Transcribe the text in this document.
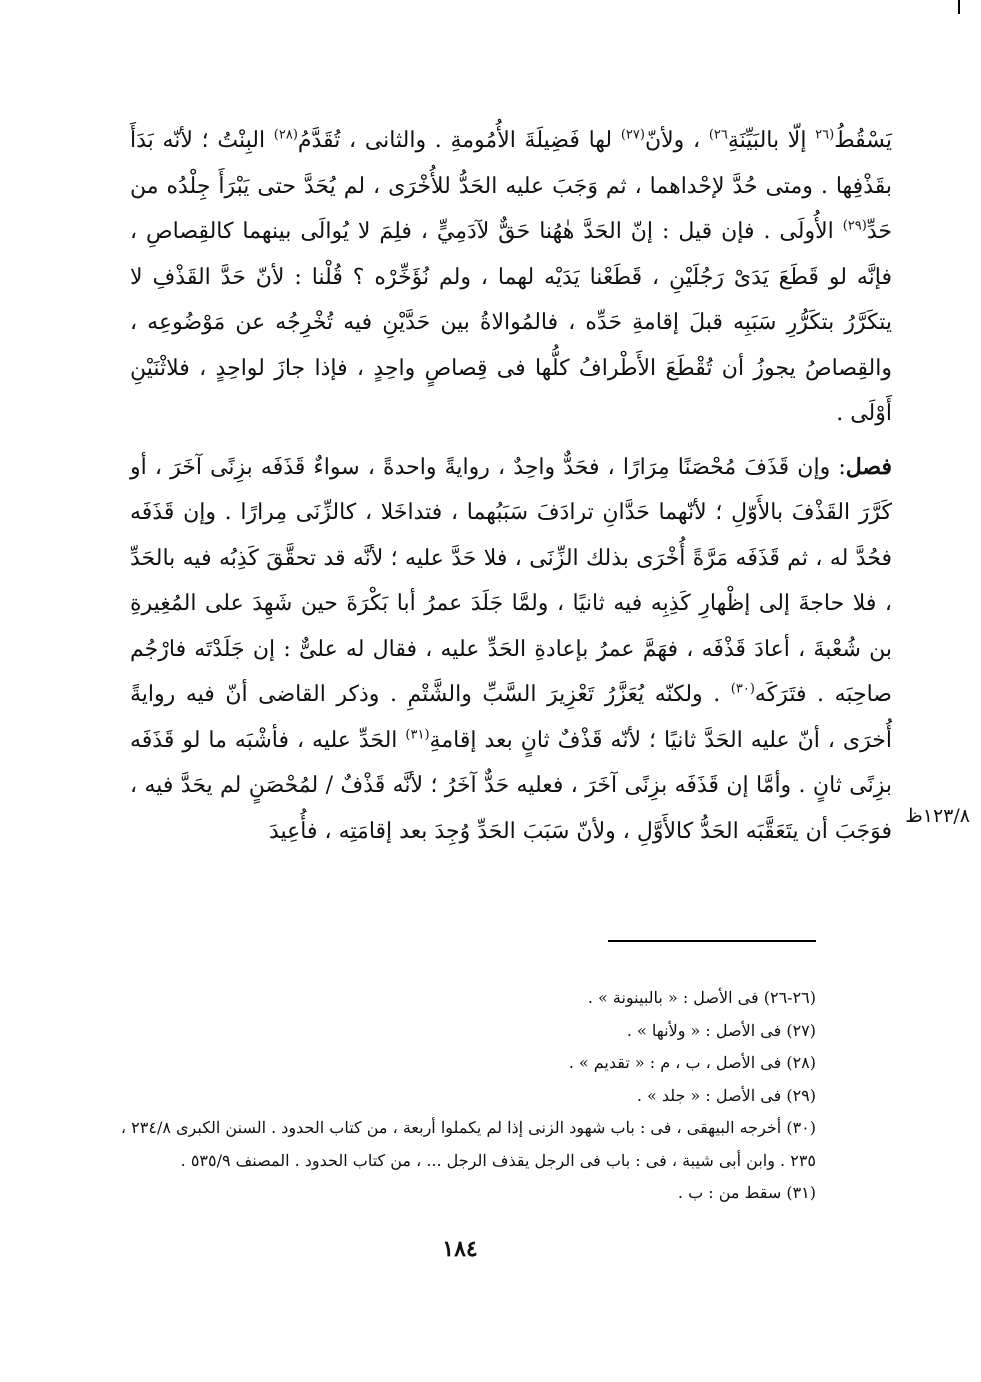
يَسْقُطُ$^{(٢٦}$ إلّا بالبَيِّنَةِ$^{٢٦)}$ ، ولأنّ$^{(٢٧)}$ لها فَضِيلَةَ الأُمُومةِ . والثانى ، تُقَدَّمُ$^{(٢٨)}$ البِنْتُ ؛ لأنّه بَدَأَ بقَذْفِها . ومتى حُدَّ لإحْداهما ، ثم وَجَبَ عليه الحَدُّ للأُخْرَى ، لم يُحَدَّ حتى يَبْرَأَ جِلْدُه من حَدِّ$^{(٢٩)}$ الأُولَى . فإن قيل : إنّ الحَدَّ هٰهُنا حَقٌّ لآدَمِيٍّ ، فلِمَ لا يُوالَى بينهما كالقِصاصِ ، فإنَّه لو قَطَعَ يَدَىْ رَجُلَيْنِ ، قَطَعْنا يَدَيْه لهما ، ولم نُؤَخِّرْه ؟ قُلْنا : لأنّ حَدَّ القَذْفِ لا يتكَرَّرُ بتكَرُّرِ سَبَبِه قبلَ إقامةِ حَدِّه ، فالمُوالاةُ بين حَدَّيْنِ فيه تُخْرِجُه عن مَوْضُوعِه ، والقِصاصُ يجوزُ أن تُقْطَعَ الأَطْرافُ كلُّها فى قِصاصٍ واحِدٍ ، فإذا جازَ لواحِدٍ ، فلاثْنَيْنِ أَوْلَى .

فصل: وإن قَذَفَ مُحْصَنًا مِرَارًا ، فحَدٌّ واحِدٌ ، روايةً واحدةً ، سواءٌ قَذَفَه بزِنًى آخَرَ ، أو كَرَّرَ القَذْفَ بالأَوّلِ ؛ لأنّهما حَدَّانِ ترادَفَ سَبَبُهما ، فتداخَلا ، كالزِّنَى مِرارًا . وإن قَذَفَه فحُدَّ له ، ثم قَذَفَه مَرَّةً أُخْرَى بذلك الزِّنَى ، فلا حَدَّ عليه ؛ لأنَّه قد تحقَّقَ كَذِبُه فيه بالحَدِّ ، فلا حاجةَ إلى إظْهارِ كَذِبِه فيه ثانيًا ، ولمَّا جَلَدَ عمرُ أبا بَكْرَةَ حين شَهِدَ على المُغِيرةِ بن شُعْبةَ ، أعادَ قَذْفَه ، فهَمَّ عمرُ بإعادةِ الحَدِّ عليه ، فقال له علىٌّ : إن جَلَدْتَه فارْجُم صاحِبَه . فتَرَكَه$^{(٣٠)}$ . ولكنّه يُعَزَّرُ تَعْزِيرَ السَّبِّ والشَّتْمِ . وذكر القاضى أنّ فيه روايةً أُخرَى ، أنّ عليه الحَدَّ ثانيًا ؛ لأنّه قَذْفٌ ثانٍ بعد إقامةِ$^{(٣١)}$ الحَدِّ عليه ، فأشْبَه ما لو قَذَفَه بزِنًى ثانٍ . وأمَّا إن قَذَفَه بزِنًى آخَرَ ، فعليه حَدٌّ آخَرُ ؛ لأنَّه قَذْفٌ / لمُحْصَنٍ لم يحَدَّ فيه ، فوَجَبَ أن يتَعَقَّبَه الحَدُّ كالأَوَّلِ ، ولأنّ سَبَبَ الحَدِّ وُجِدَ بعد إقامَتِه ، فأُعِيدَ

١٢٣/٨ظ
(٢٦-٢٦) فى الأصل : « بالبينونة » .
(٢٧) فى الأصل : « ولأنها » .
(٢٨) فى الأصل ، ب ، م : « تقديم » .
(٢٩) فى الأصل : « جلد » .
(٣٠) أخرجه البيهقى ، فى : باب شهود الزنى إذا لم يكملوا أربعة ، من كتاب الحدود . السنن الكبرى ٢٣٤/٨ ،
٢٣٥ . وابن أبى شيبة ، فى : باب فى الرجل يقذف الرجل ... ، من كتاب الحدود . المصنف ٥٣٥/٩ .
(٣١) سقط من : ب .
١٨٤
